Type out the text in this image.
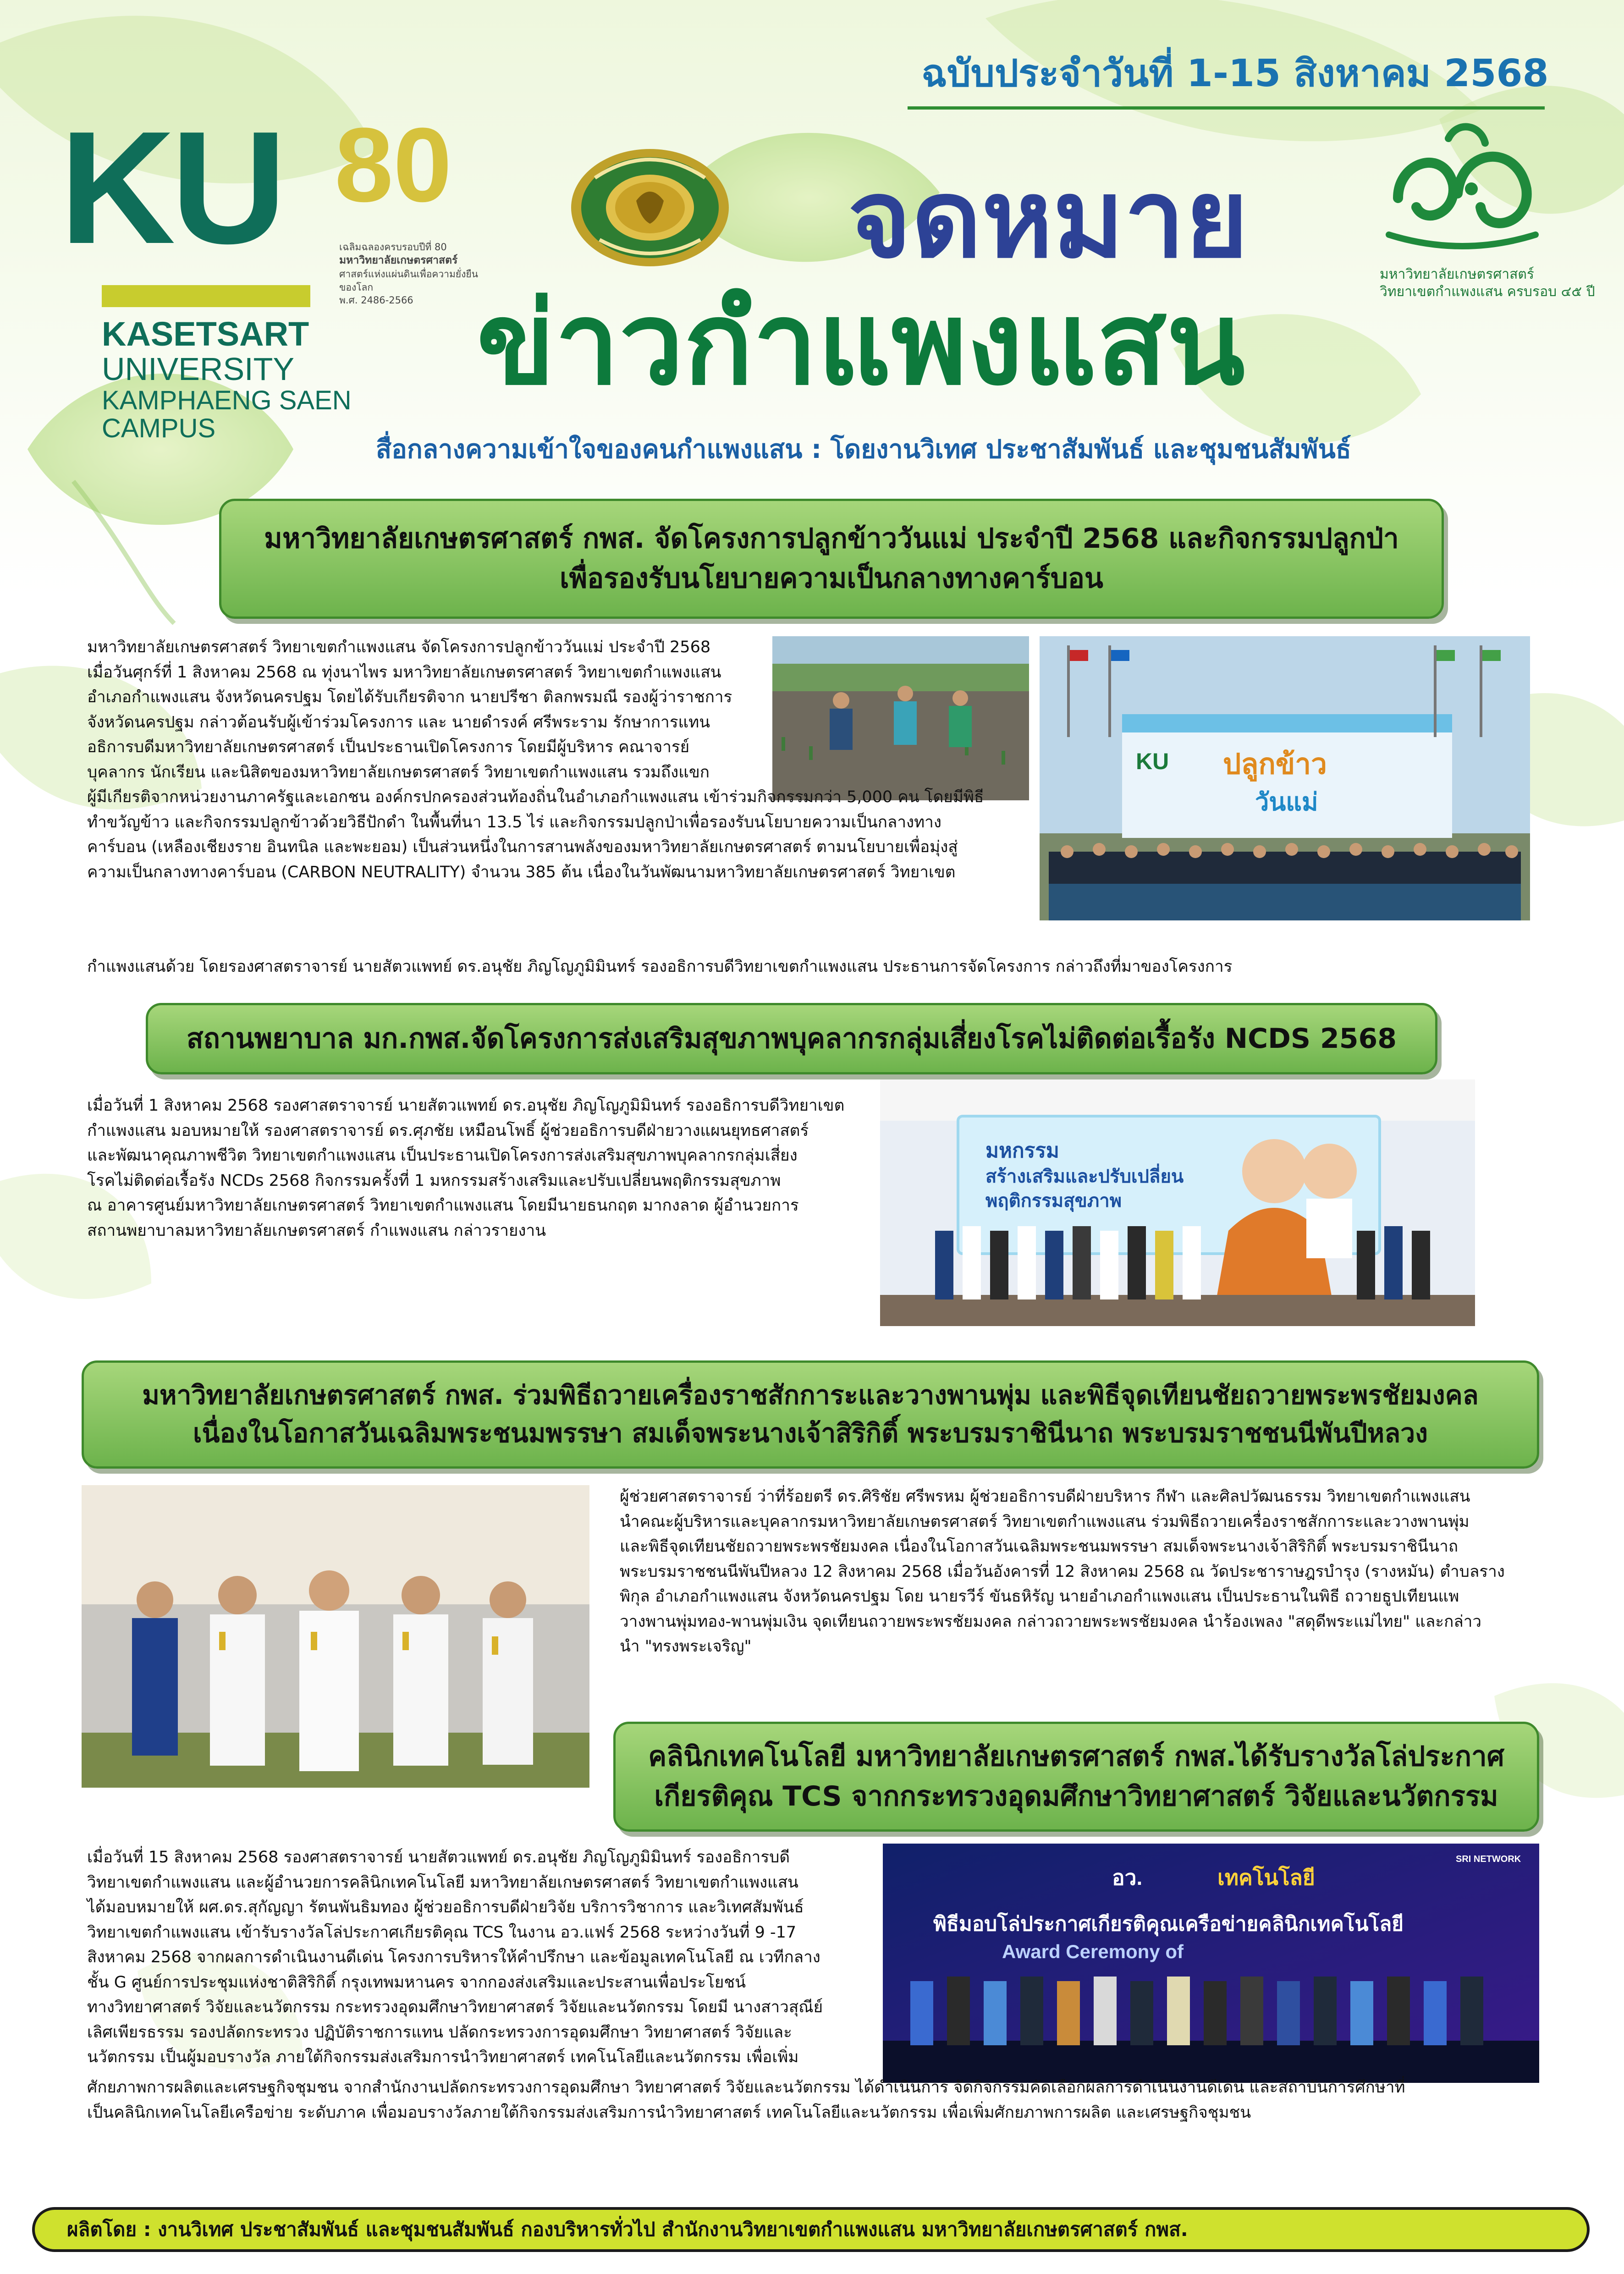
ฉบับประจำวันที่ 1-15 สิงหาคม 2568
KU 80
เฉลิมฉลองครบรอบปีที่ 80
มหาวิทยาลัยเกษตรศาสตร์
ศาสตร์แห่งแผ่นดินเพื่อความยั่งยืนของโลก
พ.ศ. 2486-2566
KASETSART
UNIVERSITY
KAMPHAENG SAEN
CAMPUS
จดหมาย
ข่าวกำแพงแสน
มหาวิทยาลัยเกษตรศาสตร์
วิทยาเขตกำแพงแสน ครบรอบ ๔๕ ปี
สื่อกลางความเข้าใจของคนกำแพงแสน : โดยงานวิเทศ ประชาสัมพันธ์ และชุมชนสัมพันธ์
มหาวิทยาลัยเกษตรศาสตร์ กพส. จัดโครงการปลูกข้าววันแม่ ประจำปี 2568 และกิจกรรมปลูกป่า
เพื่อรองรับนโยบายความเป็นกลางทางคาร์บอน
มหาวิทยาลัยเกษตรศาสตร์ วิทยาเขตกำแพงแสน จัดโครงการปลูกข้าววันแม่ ประจำปี 2568
เมื่อวันศุกร์ที่ 1 สิงหาคม 2568 ณ ทุ่งนาไพร มหาวิทยาลัยเกษตรศาสตร์ วิทยาเขตกำแพงแสน
อำเภอกำแพงแสน จังหวัดนครปฐม โดยได้รับเกียรติจาก นายปรีชา ติลกพรมณี รองผู้ว่าราชการ
จังหวัดนครปฐม กล่าวต้อนรับผู้เข้าร่วมโครงการ และ นายดำรงค์ ศรีพระราม รักษาการแทน
อธิการบดีมหาวิทยาลัยเกษตรศาสตร์ เป็นประธานเปิดโครงการ โดยมีผู้บริหาร คณาจารย์
บุคลากร นักเรียน และนิสิตของมหาวิทยาลัยเกษตรศาสตร์ วิทยาเขตกำแพงแสน รวมถึงแขก	KU ปลูกข้าว
วันแม่
ผู้มีเกียรติจากหน่วยงานภาครัฐและเอกชน องค์กรปกครองส่วนท้องถิ่นในอำเภอกำแพงแสน เข้าร่วมกิจกรรมกว่า 5,000 คน โดยมีพิธี
ทำขวัญข้าว และกิจกรรมปลูกข้าวด้วยวิธีปักดำ ในพื้นที่นา 13.5 ไร่ และกิจกรรมปลูกป่าเพื่อรองรับนโยบายความเป็นกลางทาง
คาร์บอน (เหลืองเชียงราย อินทนิล และพะยอม) เป็นส่วนหนึ่งในการสานพลังของมหาวิทยาลัยเกษตรศาสตร์ ตามนโยบายเพื่อมุ่งสู่
ความเป็นกลางทางคาร์บอน (CARBON NEUTRALITY) จำนวน 385 ต้น เนื่องในวันพัฒนามหาวิทยาลัยเกษตรศาสตร์ วิทยาเขต
กำแพงแสนด้วย โดยรองศาสตราจารย์ นายสัตวแพทย์ ดร.อนุชัย ภิญโญภูมิมินทร์ รองอธิการบดีวิทยาเขตกำแพงแสน ประธานการจัดโครงการ กล่าวถึงที่มาของโครงการ
สถานพยาบาล มก.กพส.จัดโครงการส่งเสริมสุขภาพบุคลากรกลุ่มเสี่ยงโรคไม่ติดต่อเรื้อรัง NCDS 2568
เมื่อวันที่ 1 สิงหาคม 2568 รองศาสตราจารย์ นายสัตวแพทย์ ดร.อนุชัย ภิญโญภูมิมินทร์ รองอธิการบดีวิทยาเขต
กำแพงแสน มอบหมายให้ รองศาสตราจารย์ ดร.ศุภชัย เหมือนโพธิ์ ผู้ช่วยอธิการบดีฝ่ายวางแผนยุทธศาสตร์
และพัฒนาคุณภาพชีวิต วิทยาเขตกำแพงแสน เป็นประธานเปิดโครงการส่งเสริมสุขภาพบุคลากรกลุ่มเสี่ยง
โรคไม่ติดต่อเรื้อรัง NCDs 2568 กิจกรรมครั้งที่ 1 มหกรรมสร้างเสริมและปรับเปลี่ยนพฤติกรรมสุขภาพ
ณ อาคารศูนย์มหาวิทยาลัยเกษตรศาสตร์ วิทยาเขตกำแพงแสน โดยมีนายธนกฤต มากงลาด ผู้อำนวยการ
สถานพยาบาลมหาวิทยาลัยเกษตรศาสตร์ กำแพงแสน กล่าวรายงาน
มหกรรม
สร้างเสริมและปรับเปลี่ยน
พฤติกรรมสุขภาพ
มหาวิทยาลัยเกษตรศาสตร์ กพส. ร่วมพิธีถวายเครื่องราชสักการะและวางพานพุ่ม และพิธีจุดเทียนชัยถวายพระพรชัยมงคล
เนื่องในโอกาสวันเฉลิมพระชนมพรรษา สมเด็จพระนางเจ้าสิริกิติ์ พระบรมราชินีนาถ พระบรมราชชนนีพันปีหลวง
ผู้ช่วยศาสตราจารย์ ว่าที่ร้อยตรี ดร.ศิริชัย ศรีพรหม ผู้ช่วยอธิการบดีฝ่ายบริหาร กีฬา และศิลปวัฒนธรรม วิทยาเขตกำแพงแสน
นำคณะผู้บริหารและบุคลากรมหาวิทยาลัยเกษตรศาสตร์ วิทยาเขตกำแพงแสน ร่วมพิธีถวายเครื่องราชสักการะและวางพานพุ่ม
และพิธีจุดเทียนชัยถวายพระพรชัยมงคล เนื่องในโอกาสวันเฉลิมพระชนมพรรษา สมเด็จพระนางเจ้าสิริกิติ์ พระบรมราชินีนาถ
พระบรมราชชนนีพันปีหลวง 12 สิงหาคม 2568 เมื่อวันอังคารที่ 12 สิงหาคม 2568 ณ วัดประชาราษฎรบำรุง (รางหมัน) ตำบลราง
พิกุล อำเภอกำแพงแสน จังหวัดนครปฐม โดย นายรวีร์ ขันธหิรัญ นายอำเภอกำแพงแสน เป็นประธานในพิธี ถวายธูปเทียนแพ
วางพานพุ่มทอง-พานพุ่มเงิน จุดเทียนถวายพระพรชัยมงคล กล่าวถวายพระพรชัยมงคล นำร้องเพลง "สดุดีพระแม่ไทย" และกล่าว
นำ "ทรงพระเจริญ"
คลินิกเทคโนโลยี มหาวิทยาลัยเกษตรศาสตร์ กพส.ได้รับรางวัลโล่ประกาศ
เกียรติคุณ TCS จากกระทรวงอุดมศึกษาวิทยาศาสตร์ วิจัยและนวัตกรรม
เมื่อวันที่ 15 สิงหาคม 2568 รองศาสตราจารย์ นายสัตวแพทย์ ดร.อนุชัย ภิญโญภูมิมินทร์ รองอธิการบดี
วิทยาเขตกำแพงแสน และผู้อำนวยการคลินิกเทคโนโลยี มหาวิทยาลัยเกษตรศาสตร์ วิทยาเขตกำแพงแสน
ได้มอบหมายให้ ผศ.ดร.สุกัญญา รัตนพันธิมทอง ผู้ช่วยอธิการบดีฝ่ายวิจัย บริการวิชาการ และวิเทศสัมพันธ์
วิทยาเขตกำแพงแสน เข้ารับรางวัลโล่ประกาศเกียรติคุณ TCS ในงาน อว.แฟร์ 2568 ระหว่างวันที่ 9 -17
สิงหาคม 2568 จากผลการดำเนินงานดีเด่น โครงการบริหารให้คำปรึกษา และข้อมูลเทคโนโลยี ณ เวทีกลาง
ชั้น G ศูนย์การประชุมแห่งชาติสิริกิติ์ กรุงเทพมหานคร จากกองส่งเสริมและประสานเพื่อประโยชน์
ทางวิทยาศาสตร์ วิจัยและนวัตกรรม กระทรวงอุดมศึกษาวิทยาศาสตร์ วิจัยและนวัตกรรม โดยมี นางสาวสุณีย์
เลิศเพียรธรรม รองปลัดกระทรวง ปฏิบัติราชการแทน ปลัดกระทรวงการอุดมศึกษา วิทยาศาสตร์ วิจัยและ
นวัตกรรม เป็นผู้มอบรางวัล ภายใต้กิจกรรมส่งเสริมการนำวิทยาศาสตร์ เทคโนโลยีและนวัตกรรม เพื่อเพิ่ม
อว.	เทคโนโลยี
พิธีมอบโล่ประกาศเกียรติคุณเครือข่ายคลินิกเทคโนโลยี
Award Ceremony of
SRI NETWORK
ศักยภาพการผลิตและเศรษฐกิจชุมชน จากสำนักงานปลัดกระทรวงการอุดมศึกษา วิทยาศาสตร์ วิจัยและนวัตกรรม ได้ดำเนินการ จัดกิจกรรมคัดเลือกผลการดำเนินงานดีเด่น และสถาบันการศึกษาที่
เป็นคลินิกเทคโนโลยีเครือข่าย ระดับภาค เพื่อมอบรางวัลภายใต้กิจกรรมส่งเสริมการนำวิทยาศาสตร์ เทคโนโลยีและนวัตกรรม เพื่อเพิ่มศักยภาพการผลิต และเศรษฐกิจชุมชน
ผลิตโดย : งานวิเทศ ประชาสัมพันธ์ และชุมชนสัมพันธ์ กองบริหารทั่วไป สำนักงานวิทยาเขตกำแพงแสน มหาวิทยาลัยเกษตรศาสตร์ กพส.
